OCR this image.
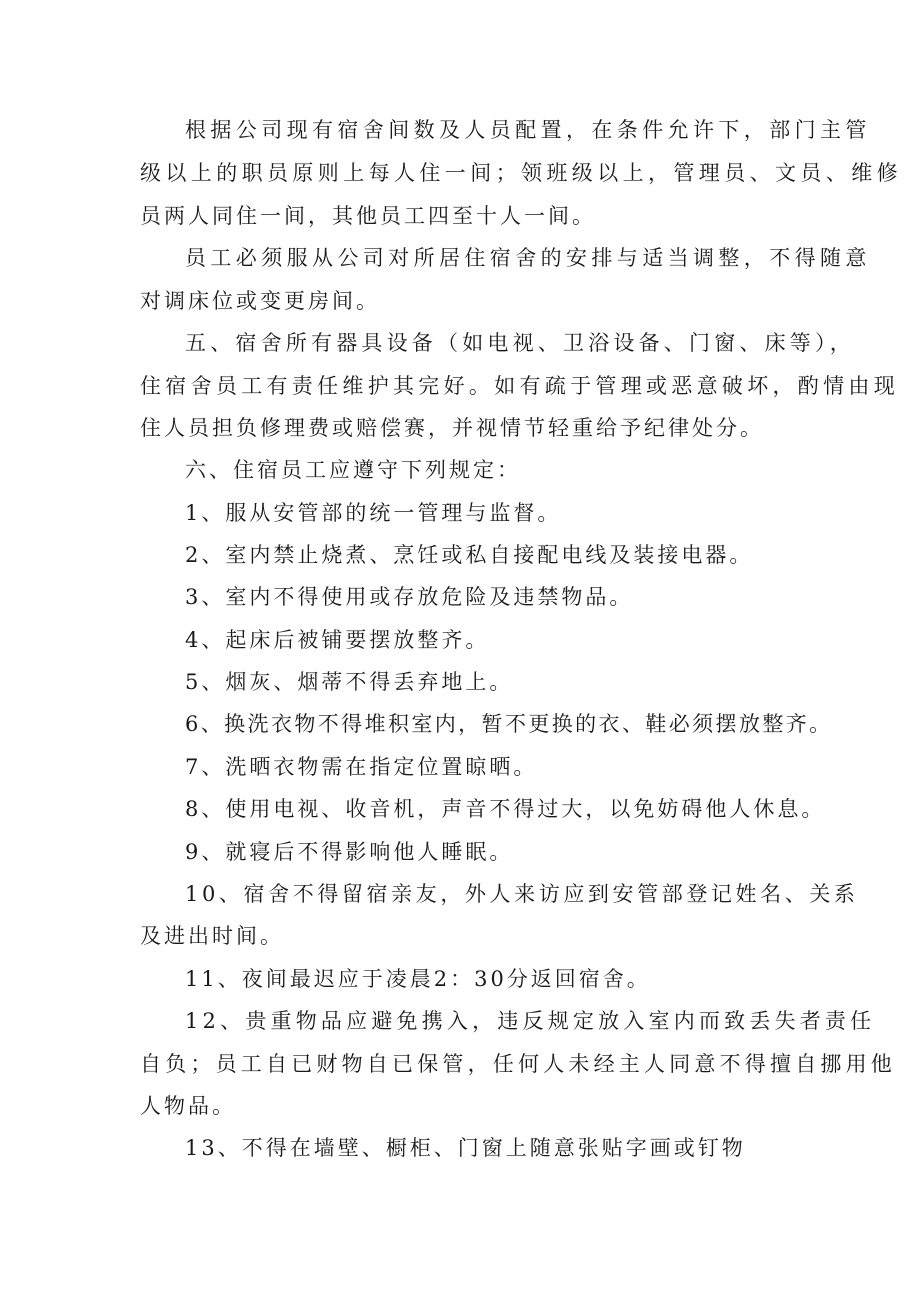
根据公司现有宿舍间数及人员配置，在条件允许下，部门主管
级以上的职员原则上每人住一间；领班级以上，管理员、文员、维修
员两人同住一间，其他员工四至十人一间。
员工必须服从公司对所居住宿舍的安排与适当调整，不得随意
对调床位或变更房间。
五、宿舍所有器具设备（如电视、卫浴设备、门窗、床等），
住宿舍员工有责任维护其完好。如有疏于管理或恶意破坏，酌情由现
住人员担负修理费或赔偿赛，并视情节轻重给予纪律处分。
六、住宿员工应遵守下列规定：
1、服从安管部的统一管理与监督。
2、室内禁止烧煮、烹饪或私自接配电线及装接电器。
3、室内不得使用或存放危险及违禁物品。
4、起床后被铺要摆放整齐。
5、烟灰、烟蒂不得丢弃地上。
6、换洗衣物不得堆积室内，暂不更换的衣、鞋必须摆放整齐。
7、洗晒衣物需在指定位置晾晒。
8、使用电视、收音机，声音不得过大，以免妨碍他人休息。
9、就寝后不得影响他人睡眠。
10、宿舍不得留宿亲友，外人来访应到安管部登记姓名、关系
及进出时间。
11、夜间最迟应于凌晨2：30分返回宿舍。
12、贵重物品应避免携入，违反规定放入室内而致丢失者责任
自负；员工自已财物自已保管，任何人未经主人同意不得擅自挪用他
人物品。
13、不得在墙壁、橱柜、门窗上随意张贴字画或钉物
